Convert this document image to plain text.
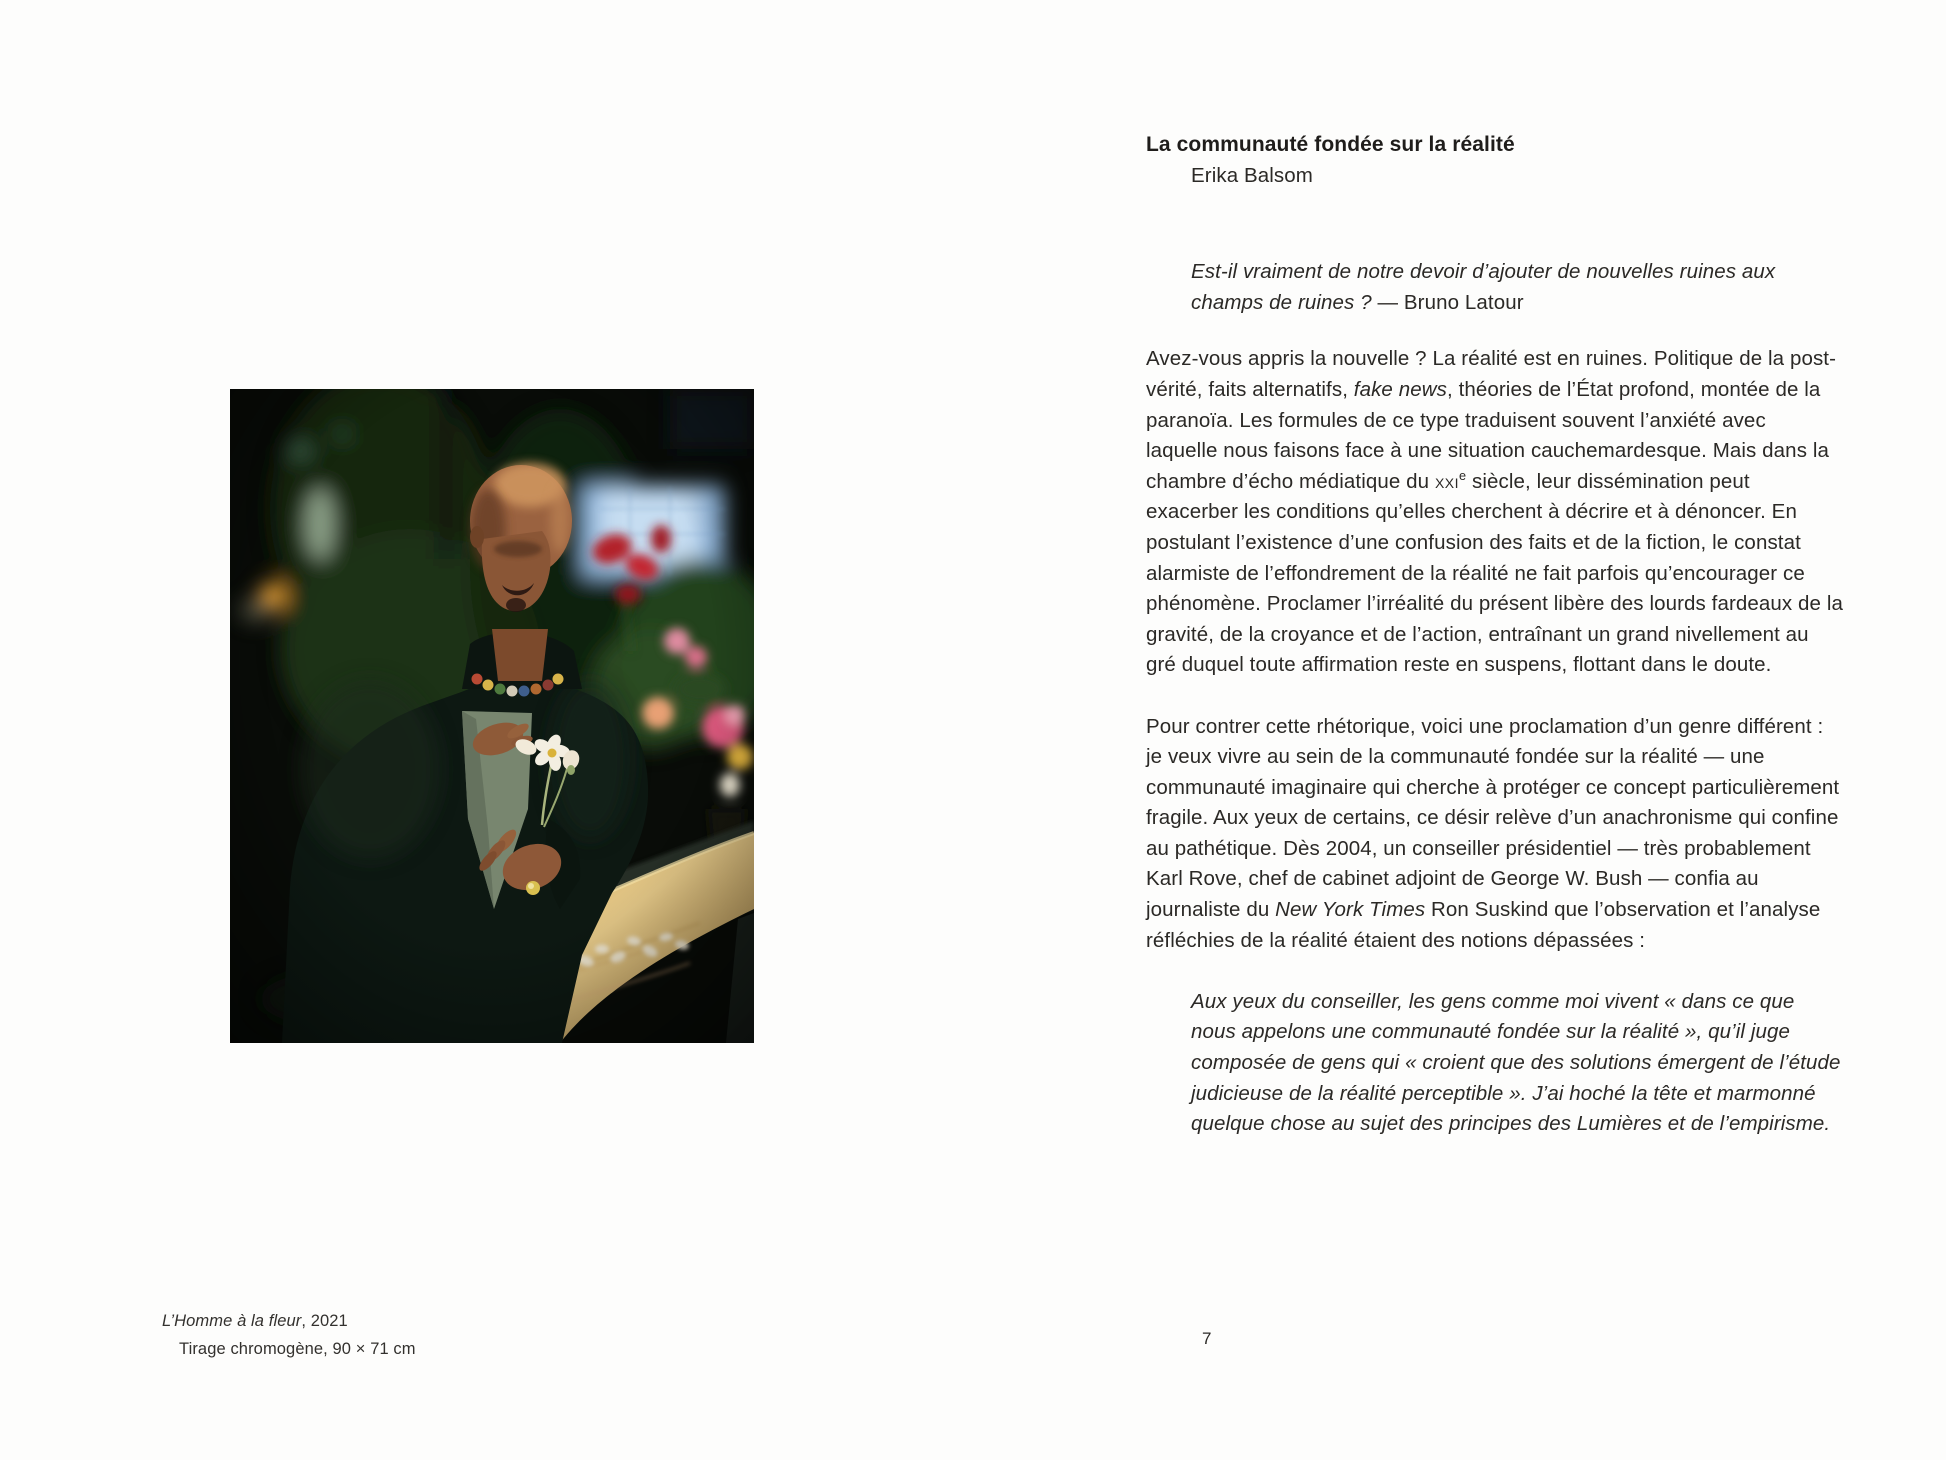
L’Homme à la fleur, 2021
Tirage chromogène, 90 × 71 cm
La communauté fondée sur la réalité
Erika Balsom
Est-il vraiment de notre devoir d’ajouter de nouvelles ruines aux champs de ruines ? — Bruno Latour

Avez-vous appris la nouvelle ? La réalité est en ruines. Politique de la post-vérité, faits alternatifs, fake news, théories de l’État profond, montée de la paranoïa. Les formules de ce type traduisent souvent l’anxiété avec laquelle nous faisons face à une situation cauchemardesque. Mais dans la chambre d’écho médiatique du xxi$^e$ siècle, leur dissémination peut exacerber les conditions qu’elles cherchent à décrire et à dénoncer. En postulant l’existence d’une confusion des faits et de la fiction, le constat alarmiste de l’effondrement de la réalité ne fait parfois qu’encourager ce phénomène. Proclamer l’irréalité du présent libère des lourds fardeaux de la gravité, de la croyance et de l’action, entraînant un grand nivellement au gré duquel toute affirmation reste en suspens, flottant dans le doute.

Pour contrer cette rhétorique, voici une proclamation d’un genre différent : je veux vivre au sein de la communauté fondée sur la réalité — une communauté imaginaire qui cherche à protéger ce concept particulièrement fragile. Aux yeux de certains, ce désir relève d’un anachronisme qui confine au pathétique. Dès 2004, un conseiller présidentiel — très probablement Karl Rove, chef de cabinet adjoint de George W. Bush — confia au journaliste du New York Times Ron Suskind que l’observation et l’analyse réfléchies de la réalité étaient des notions dépassées :

Aux yeux du conseiller, les gens comme moi vivent « dans ce que nous appelons une communauté fondée sur la réalité », qu’il juge composée de gens qui « croient que des solutions émergent de l’étude judicieuse de la réalité perceptible ». J’ai hoché la tête et marmonné quelque chose au sujet des principes des Lumières et de l’empirisme.
7
